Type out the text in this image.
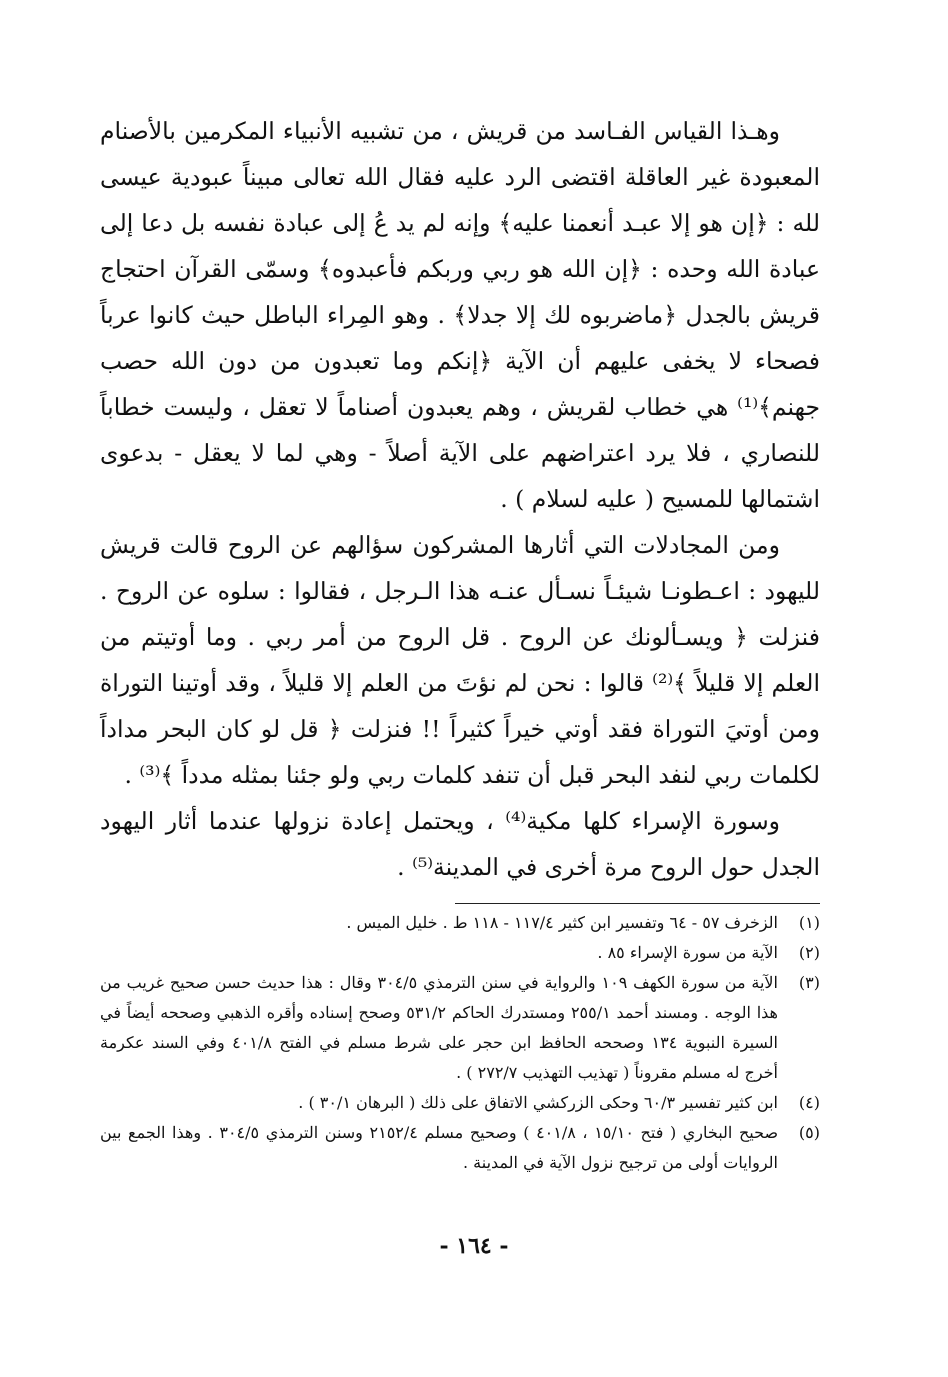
وهـذا القياس الفـاسد من قريش ، من تشبيه الأنبياء المكرمين بالأصنام المعبودة غير العاقلة اقتضى الرد عليه فقال الله تعالى مبيناً عبودية عيسى لله : ﴿إن هو إلا عبـد أنعمنا عليه﴾ وإنه لم يد عُ إلى عبادة نفسه بل دعا إلى عبادة الله وحده : ﴿إن الله هو ربي وربكم فأعبدوه﴾ وسمّى القرآن احتجاج قريش بالجدل ﴿ماضربوه لك إلا جدلا﴾ . وهو المِراء الباطل حيث كانوا عرباً فصحاء لا يخفى عليهم أن الآية ﴿إنكم وما تعبدون من دون الله حصب جهنم﴾⁽¹⁾ هي خطاب لقريش ، وهم يعبدون أصناماً لا تعقل ، وليست خطاباً للنصاري ، فلا يرد اعتراضهم على الآية أصلاً - وهي لما لا يعقل - بدعوى اشتمالها للمسيح ( عليه لسلام ) .

ومن المجادلات التي أثارها المشركون سؤالهم عن الروح قالت قريش لليهود : اعـطونـا شيئـاً نسـأل عنـه هذا الـرجل ، فقالوا : سلوه عن الروح . فنزلت ﴿ ويسـألونك عن الروح . قل الروح من أمر ربي . وما أوتيتم من العلم إلا قليلاً ﴾⁽²⁾ قالوا : نحن لم نؤتَ من العلم إلا قليلاً ، وقد أوتينا التوراة ومن أوتيَ التوراة فقد أوتي خيراً كثيراً !! فنزلت ﴿ قل لو كان البحر مداداً لكلمات ربي لنفد البحر قبل أن تنفد كلمات ربي ولو جئنا بمثله مدداً ﴾⁽³⁾ .

وسورة الإسراء كلها مكية⁽⁴⁾ ، ويحتمل إعادة نزولها عندما أثار اليهود الجدل حول الروح مرة أخرى في المدينة⁽⁵⁾ .

(١)
الزخرف ٥٧ - ٦٤ وتفسير ابن كثير ١١٧/٤ - ١١٨ ط . خليل الميس .

(٢)
الآية من سورة الإسراء ٨٥ .

(٣)
الآية من سورة الكهف ١٠٩ والرواية في سنن الترمذي ٣٠٤/٥ وقال : هذا حديث حسن صحيح غريب من هذا الوجه . ومسند أحمد ٢٥٥/١ ومستدرك الحاكم ٥٣١/٢ وصحح إسناده وأقره الذهبي وصححه أيضاً في السيرة النبوية ١٣٤ وصححه الحافظ ابن حجر على شرط مسلم في الفتح ٤٠١/٨ وفي السند عكرمة أخرج له مسلم مقروناً ( تهذيب التهذيب ٢٧٢/٧ ) .

(٤)
ابن كثير تفسير ٦٠/٣ وحكى الزركشي الاتفاق على ذلك ( البرهان ٣٠/١ ) .

(٥)
صحيح البخاري ( فتح ١٥/١٠ ، ٤٠١/٨ ) وصحيح مسلم ٢١٥٢/٤ وسنن الترمذي ٣٠٤/٥ . وهذا الجمع بين الروايات أولى من ترجيح نزول الآية في المدينة .

- ١٦٤ -
